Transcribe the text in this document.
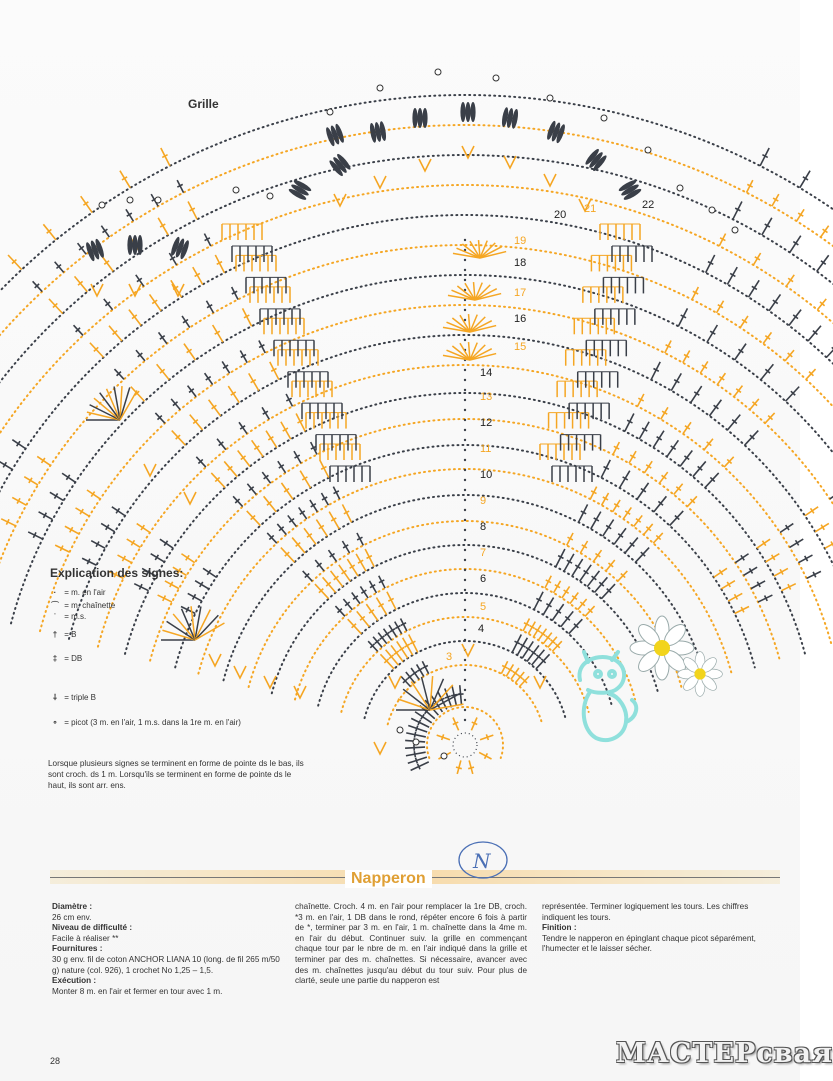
3
4
5
6
7
8
9
10
11
12
13
14
15
16
17
18
19
20 21	22
Grille
Explication des signes:
· = m. en l'air
⌒ = m. chaînette
ˈ = m.s.
† = B
‡ = DB
⸸ = triple B
∘ = picot (3 m. en l'air, 1 m.s. dans la 1re m. en l'air)
Lorsque plusieurs signes se terminent en forme de pointe ds le bas, ils sont croch. ds 1 m. Lorsqu'ils se terminent en forme de pointe ds le haut, ils sont arr. ens.
Napperon
N

Diamètre :

26 cm env.

Niveau de difficulté :

Facile à réaliser **

Fournitures :

30 g env. fil de coton ANCHOR LIANA 10 (long. de fil 265 m/50 g) nature (col. 926), 1 crochet No 1,25 – 1,5.

Exécution :

Monter 8 m. en l'air et fermer en tour avec 1 m.

chaînette. Croch. 4 m. en l'air pour remplacer la 1re DB, croch. *3 m. en l'air, 1 DB dans le rond, répéter encore 6 fois à partir de *, terminer par 3 m. en l'air, 1 m. chaînette dans la 4me m. en l'air du début. Continuer suiv. la grille en commençant chaque tour par le nbre de m. en l'air indiqué dans la grille et terminer par des m. chaînettes. Si nécessaire, avancer avec des m. chaînettes jusqu'au début du tour suiv. Pour plus de clarté, seule une partie du napperon est

représentée. Terminer logiquement les tours. Les chiffres indiquent les tours.

Finition :

Tendre le napperon en épinglant chaque picot séparément, l'humecter et le laisser sécher.

28	МАСТЕРсвая
